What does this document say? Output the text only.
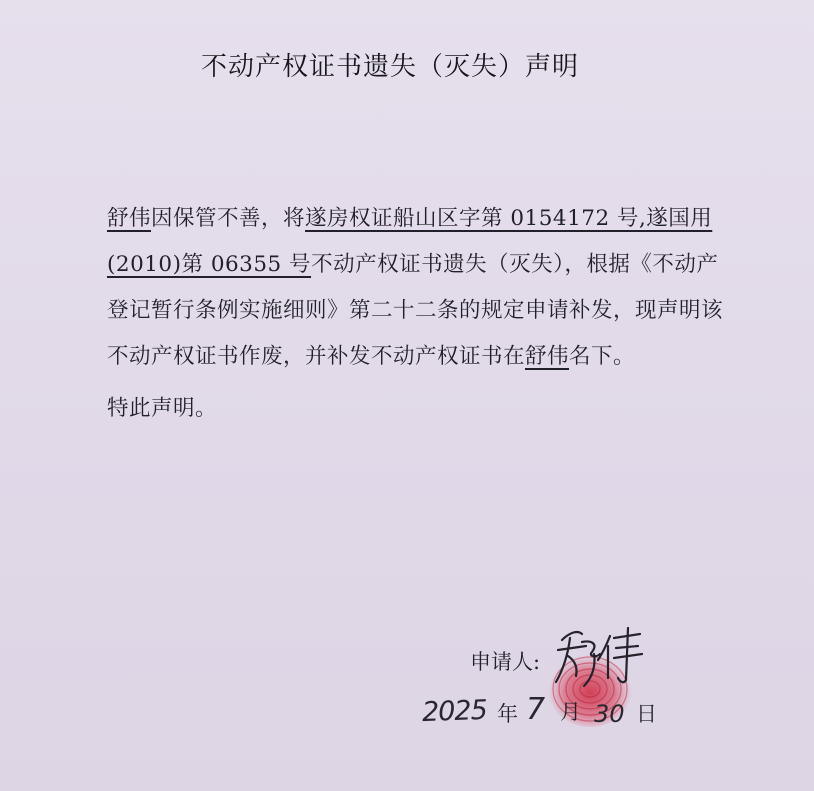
不动产权证书遗失（灭失）声明

舒伟因保管不善，将遂房权证船山区字第 0154172 号,遂国用(2010)第 06355 号不动产权证书遗失（灭失），根据《不动产登记暂行条例实施细则》第二十二条的规定申请补发，现声明该不动产权证书作废，并补发不动产权证书在舒伟名下。

特此声明。
申请人:
2025 年 7 月 30 日
